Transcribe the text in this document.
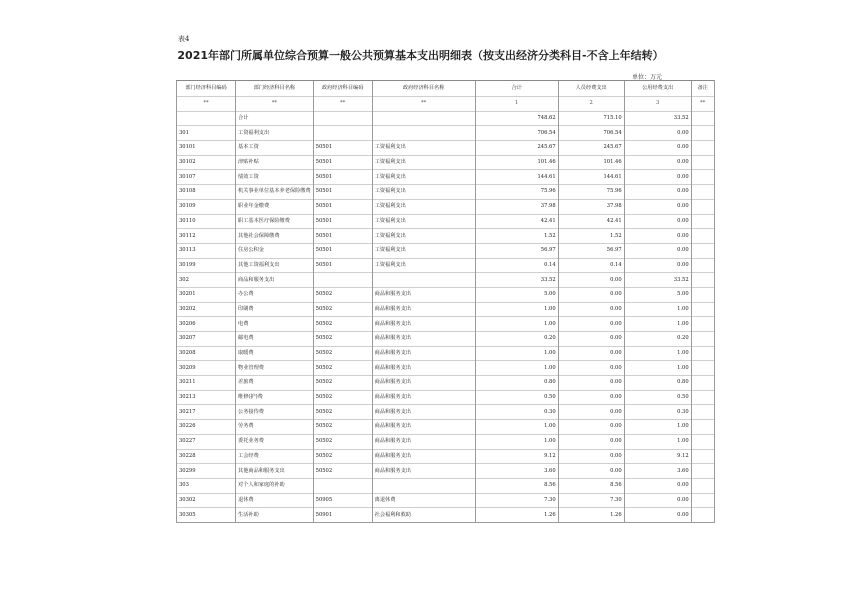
表4
2021年部门所属单位综合预算一般公共预算基本支出明细表（按支出经济分类科目-不含上年结转）
单位：万元
部门经济科目编码	部门经济科目名称	政府经济科目编码	政府经济科目名称	合计	人员经费支出	公用经费支出	备注
**	**	**	**	1	2	3	**
	合计			748.62	715.10	33.52	
301	工资福利支出			706.54	706.54	0.00	
30101	基本工资	50501	工资福利支出	245.67	245.67	0.00	
30102	津贴补贴	50501	工资福利支出	101.46	101.46	0.00	
30107	绩效工资	50501	工资福利支出	144.61	144.61	0.00	
30108	机关事业单位基本养老保险缴费	50501	工资福利支出	75.96	75.96	0.00	
30109	职业年金缴费	50501	工资福利支出	37.98	37.98	0.00	
30110	职工基本医疗保险缴费	50501	工资福利支出	42.41	42.41	0.00	
30112	其他社会保障缴费	50501	工资福利支出	1.52	1.52	0.00	
30113	住房公积金	50501	工资福利支出	56.97	56.97	0.00	
30199	其他工资福利支出	50501	工资福利支出	0.14	0.14	0.00	
302	商品和服务支出			33.52	0.00	33.52	
30201	办公费	50502	商品和服务支出	5.00	0.00	5.00	
30202	印刷费	50502	商品和服务支出	1.00	0.00	1.00	
30206	电费	50502	商品和服务支出	1.00	0.00	1.00	
30207	邮电费	50502	商品和服务支出	0.20	0.00	0.20	
30208	取暖费	50502	商品和服务支出	1.00	0.00	1.00	
30209	物业管理费	50502	商品和服务支出	1.00	0.00	1.00	
30211	差旅费	50502	商品和服务支出	0.80	0.00	0.80	
30213	维修(护)费	50502	商品和服务支出	0.50	0.00	0.50	
30217	公务接待费	50502	商品和服务支出	0.30	0.00	0.30	
30226	劳务费	50502	商品和服务支出	1.00	0.00	1.00	
30227	委托业务费	50502	商品和服务支出	1.00	0.00	1.00	
30228	工会经费	50502	商品和服务支出	9.12	0.00	9.12	
30299	其他商品和服务支出	50502	商品和服务支出	3.60	0.00	3.60	
303	对个人和家庭的补助			8.56	8.56	0.00	
30302	退休费	50905	离退休费	7.30	7.30	0.00	
30305	生活补助	50901	社会福利和救助	1.26	1.26	0.00	
